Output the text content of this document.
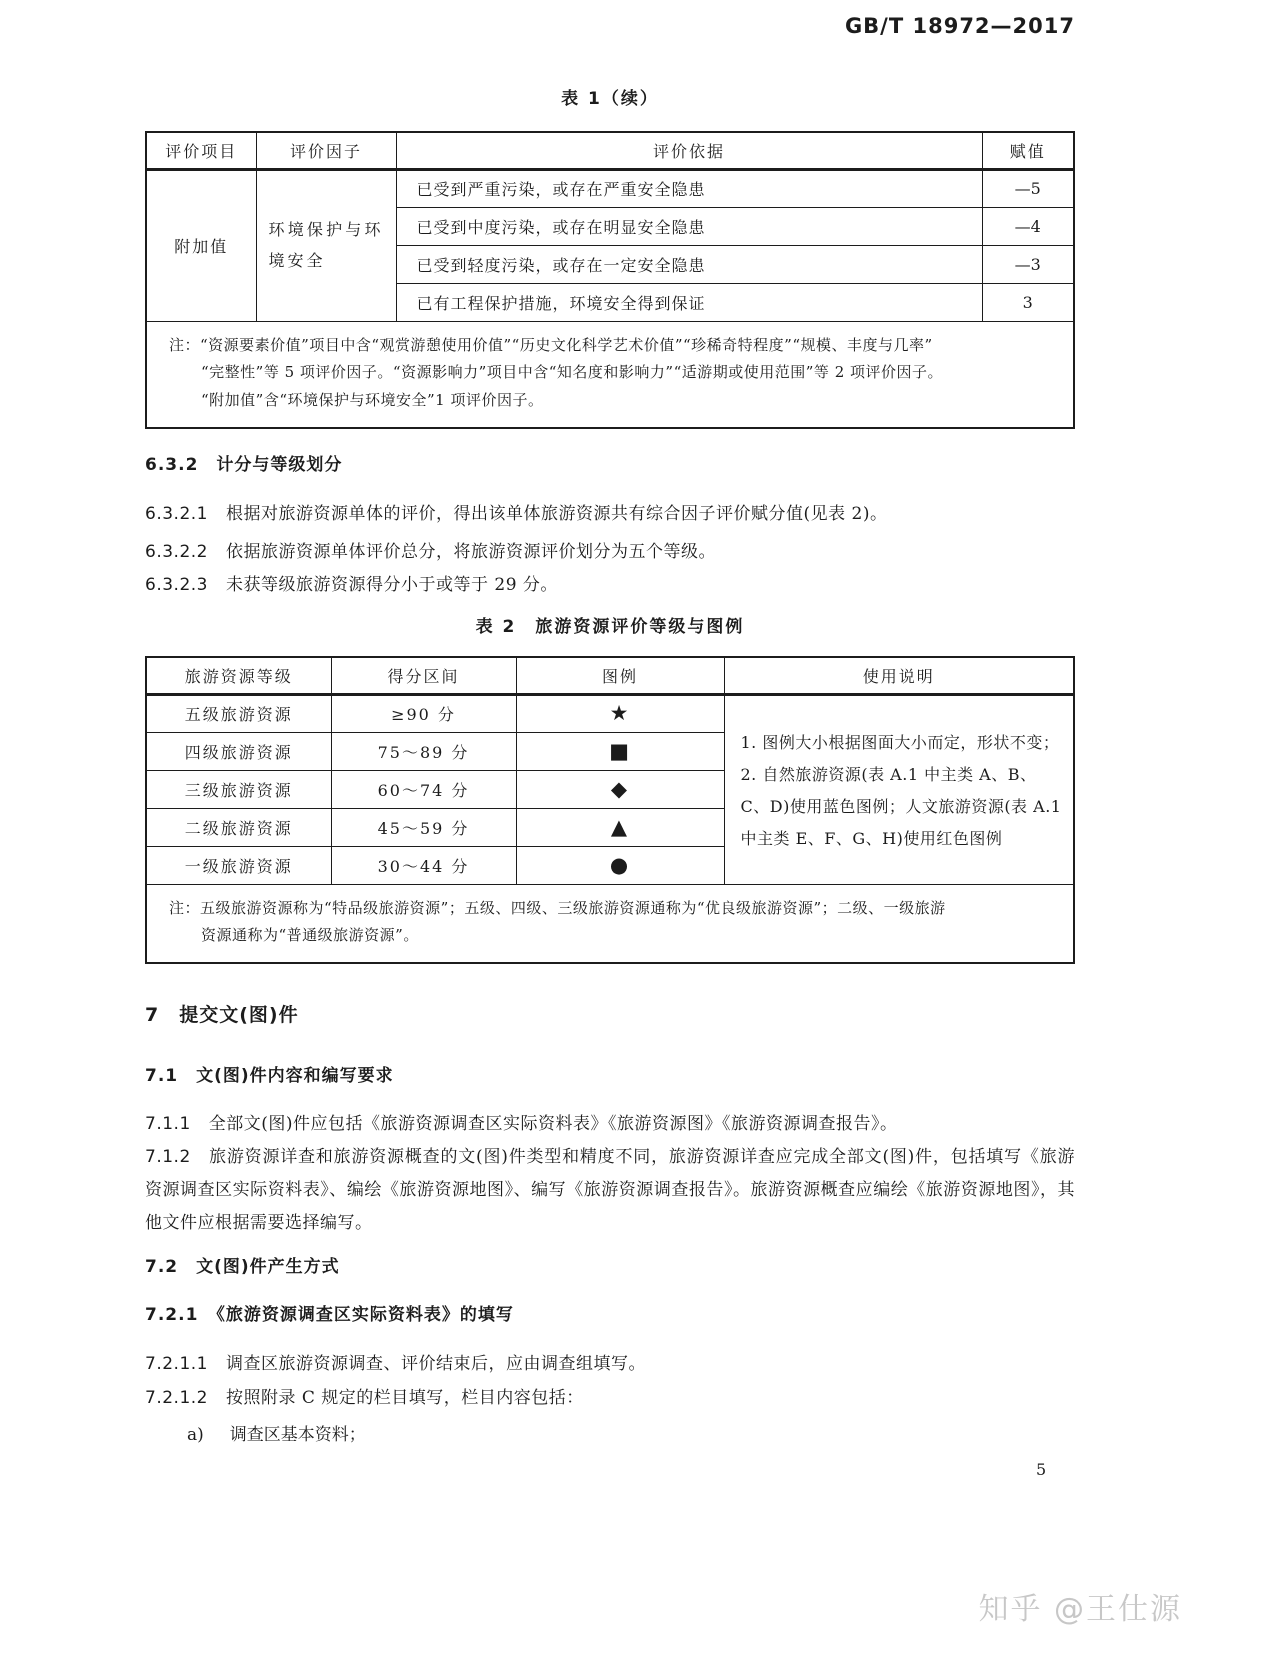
GB/T 18972—2017
表 1（续）
评价项目	评价因子	评价依据	赋值
附加值	环境保护与环境安全	已受到严重污染，或存在严重安全隐患	—5
		已受到中度污染，或存在明显安全隐患	—4
		已受到轻度污染，或存在一定安全隐患	—3
		已有工程保护措施，环境安全得到保证	3

注：“资源要素价值”项目中含“观赏游憩使用价值”“历史文化科学艺术价值”“珍稀奇特程度”“规模、丰度与几率”
“完整性”等 5 项评价因子。“资源影响力”项目中含“知名度和影响力”“适游期或使用范围”等 2 项评价因子。
“附加值”含“环境保护与环境安全”1 项评价因子。			
6.3.2　计分与等级划分
6.3.2.1 根据对旅游资源单体的评价，得出该单体旅游资源共有综合因子评价赋分值(见表 2)。
6.3.2.2 依据旅游资源单体评价总分，将旅游资源评价划分为五个等级。
6.3.2.3 未获等级旅游资源得分小于或等于 29 分。
表 2　旅游资源评价等级与图例
旅游资源等级	得分区间	图例	使用说明
五级旅游资源	≥90 分	★	1. 图例大小根据图面大小而定，形状不变；
2. 自然旅游资源(表 A.1 中主类 A、B、C、D)使用蓝色图例；人文旅游资源(表 A.1 中主类 E、F、G、H)使用红色图例

四级旅游资源	75～89 分	■	
三级旅游资源	60～74 分	◆	
二级旅游资源	45～59 分	▲	
一级旅游资源	30～44 分	●	

注：五级旅游资源称为“特品级旅游资源”；五级、四级、三级旅游资源通称为“优良级旅游资源”；二级、一级旅游
资源通称为“普通级旅游资源”。			
7　提交文(图)件
7.1　文(图)件内容和编写要求
7.1.1 全部文(图)件应包括《旅游资源调查区实际资料表》《旅游资源图》《旅游资源调查报告》。
7.1.2 旅游资源详查和旅游资源概查的文(图)件类型和精度不同，旅游资源详查应完成全部文(图)件，包括填写《旅游资源调查区实际资料表》、编绘《旅游资源地图》、编写《旅游资源调查报告》。旅游资源概查应编绘《旅游资源地图》，其他文件应根据需要选择编写。
7.2　文(图)件产生方式
7.2.1　《旅游资源调查区实际资料表》的填写
7.2.1.1 调查区旅游资源调查、评价结束后，应由调查组填写。
7.2.1.2 按照附录 C 规定的栏目填写，栏目内容包括：
a) 调查区基本资料；
5
知乎 @王仕源
